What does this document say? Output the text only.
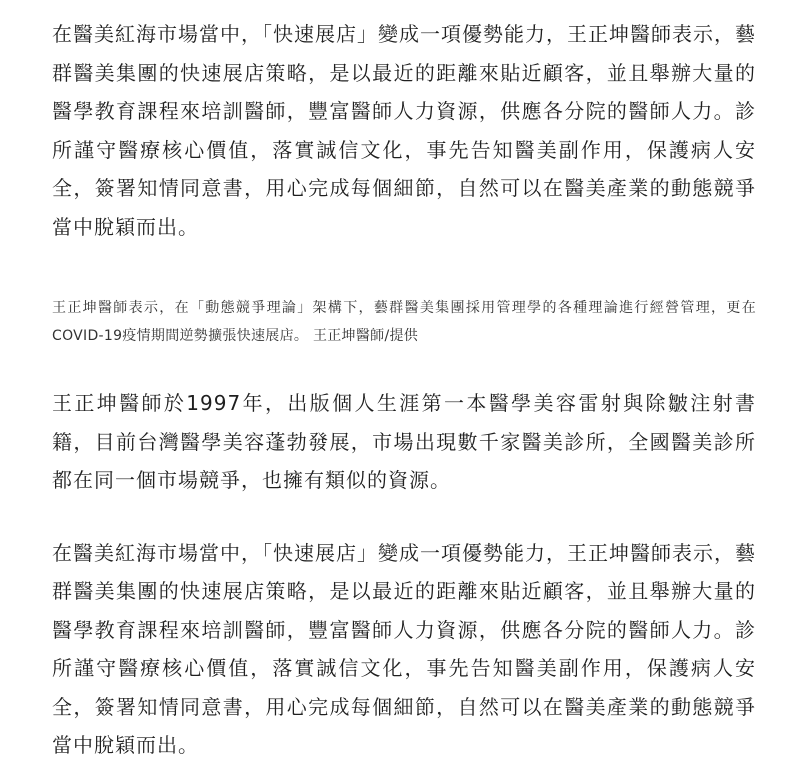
在醫美紅海市場當中，「快速展店」變成一項優勢能力，王正坤醫師表示，藝群醫美集團的快速展店策略，是以最近的距離來貼近顧客，並且舉辦大量的醫學教育課程來培訓醫師，豐富醫師人力資源，供應各分院的醫師人力。診所謹守醫療核心價值，落實誠信文化，事先告知醫美副作用，保護病人安全，簽署知情同意書，用心完成每個細節，自然可以在醫美產業的動態競爭當中脫穎而出。

王正坤醫師表示，在「動態競爭理論」架構下，藝群醫美集團採用管理學的各種理論進行經營管理，更在COVID-19疫情期間逆勢擴張快速展店。 王正坤醫師/提供

王正坤醫師於1997年，出版個人生涯第一本醫學美容雷射與除皺注射書籍，目前台灣醫學美容蓬勃發展，市場出現數千家醫美診所，全國醫美診所都在同一個市場競爭，也擁有類似的資源。

在醫美紅海市場當中，「快速展店」變成一項優勢能力，王正坤醫師表示，藝群醫美集團的快速展店策略，是以最近的距離來貼近顧客，並且舉辦大量的醫學教育課程來培訓醫師，豐富醫師人力資源，供應各分院的醫師人力。診所謹守醫療核心價值，落實誠信文化，事先告知醫美副作用，保護病人安全，簽署知情同意書，用心完成每個細節，自然可以在醫美產業的動態競爭當中脫穎而出。
